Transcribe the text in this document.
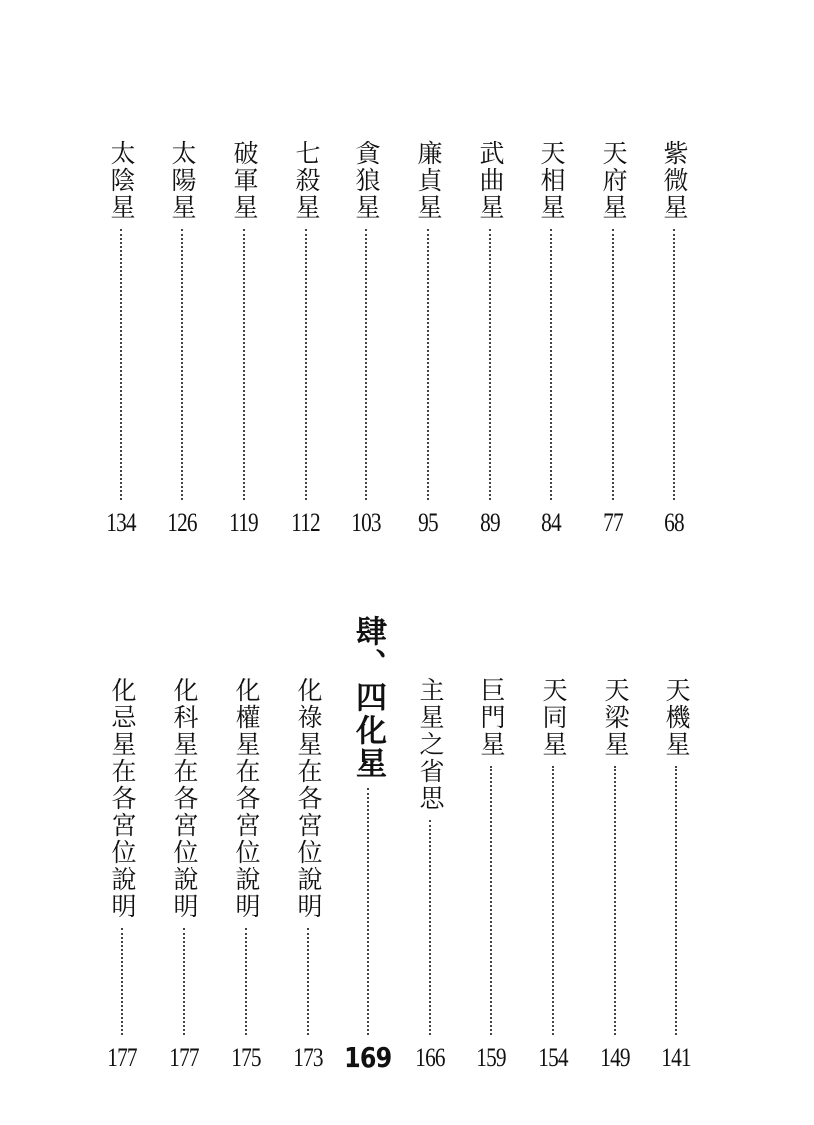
紫微星
68
天府星
77
天相星
84
武曲星
89
廉貞星
95
貪狼星
103
七殺星
112
破軍星
119
太陽星
126
太陰星
134
天機星
141
天梁星
149
天同星
154
巨門星
159
主星之省思
166
肆、四化星
169
化祿星在各宮位說明
173
化權星在各宮位說明
175
化科星在各宮位說明
177
化忌星在各宮位說明
177
